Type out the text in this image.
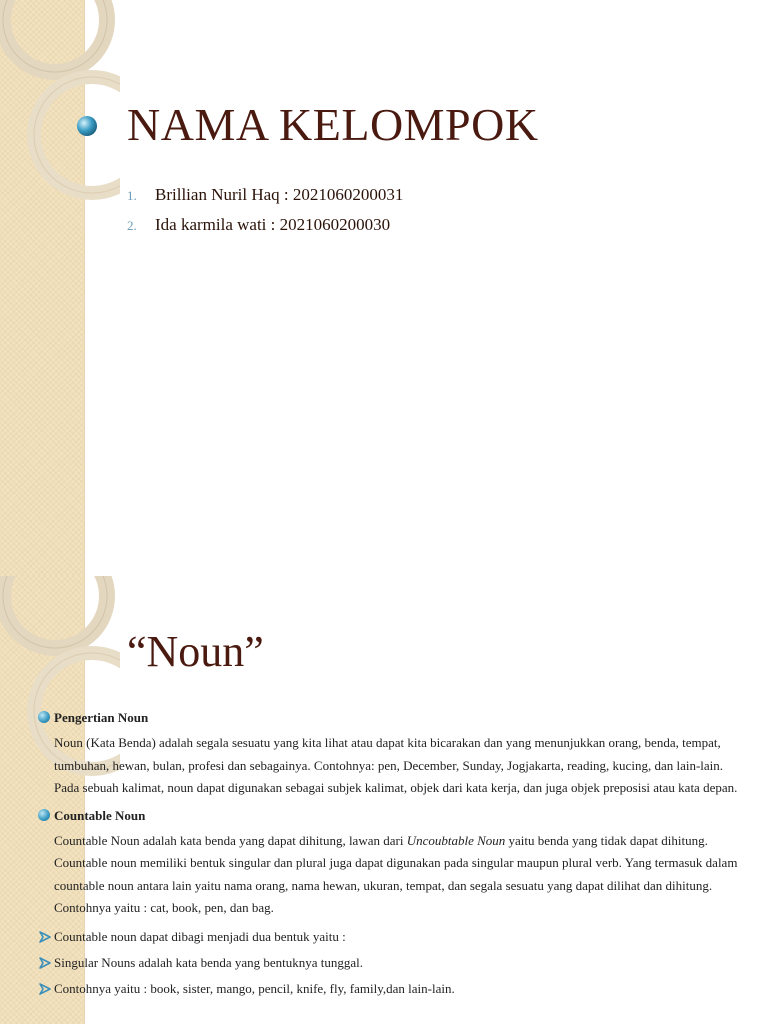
NAMA KELOMPOK
1.	Brillian Nuril Haq : 2021060200031
2.	Ida karmila wati : 2021060200030
“Noun”
Pengertian Noun

Noun (Kata Benda) adalah segala sesuatu yang kita lihat atau dapat kita bicarakan dan yang menunjukkan orang, benda, tempat, tumbuhan, hewan, bulan, profesi dan sebagainya. Contohnya: pen, December, Sunday, Jogjakarta, reading, kucing, dan lain-lain. Pada sebuah kalimat, noun dapat digunakan sebagai subjek kalimat, objek dari kata kerja, dan juga objek preposisi atau kata depan.

Countable Noun

Countable Noun adalah kata benda yang dapat dihitung, lawan dari Uncoubtable Noun yaitu benda yang tidak dapat dihitung. Countable noun memiliki bentuk singular dan plural juga dapat digunakan pada singular maupun plural verb. Yang termasuk dalam countable noun antara lain yaitu nama orang, nama hewan, ukuran, tempat, dan segala sesuatu yang dapat dilihat dan dihitung. Contohnya yaitu : cat, book, pen, dan bag.

Countable noun dapat dibagi menjadi dua bentuk yaitu :
Singular Nouns adalah kata benda yang bentuknya tunggal.
Contohnya yaitu : book, sister, mango, pencil, knife, fly, family,dan lain-lain.
